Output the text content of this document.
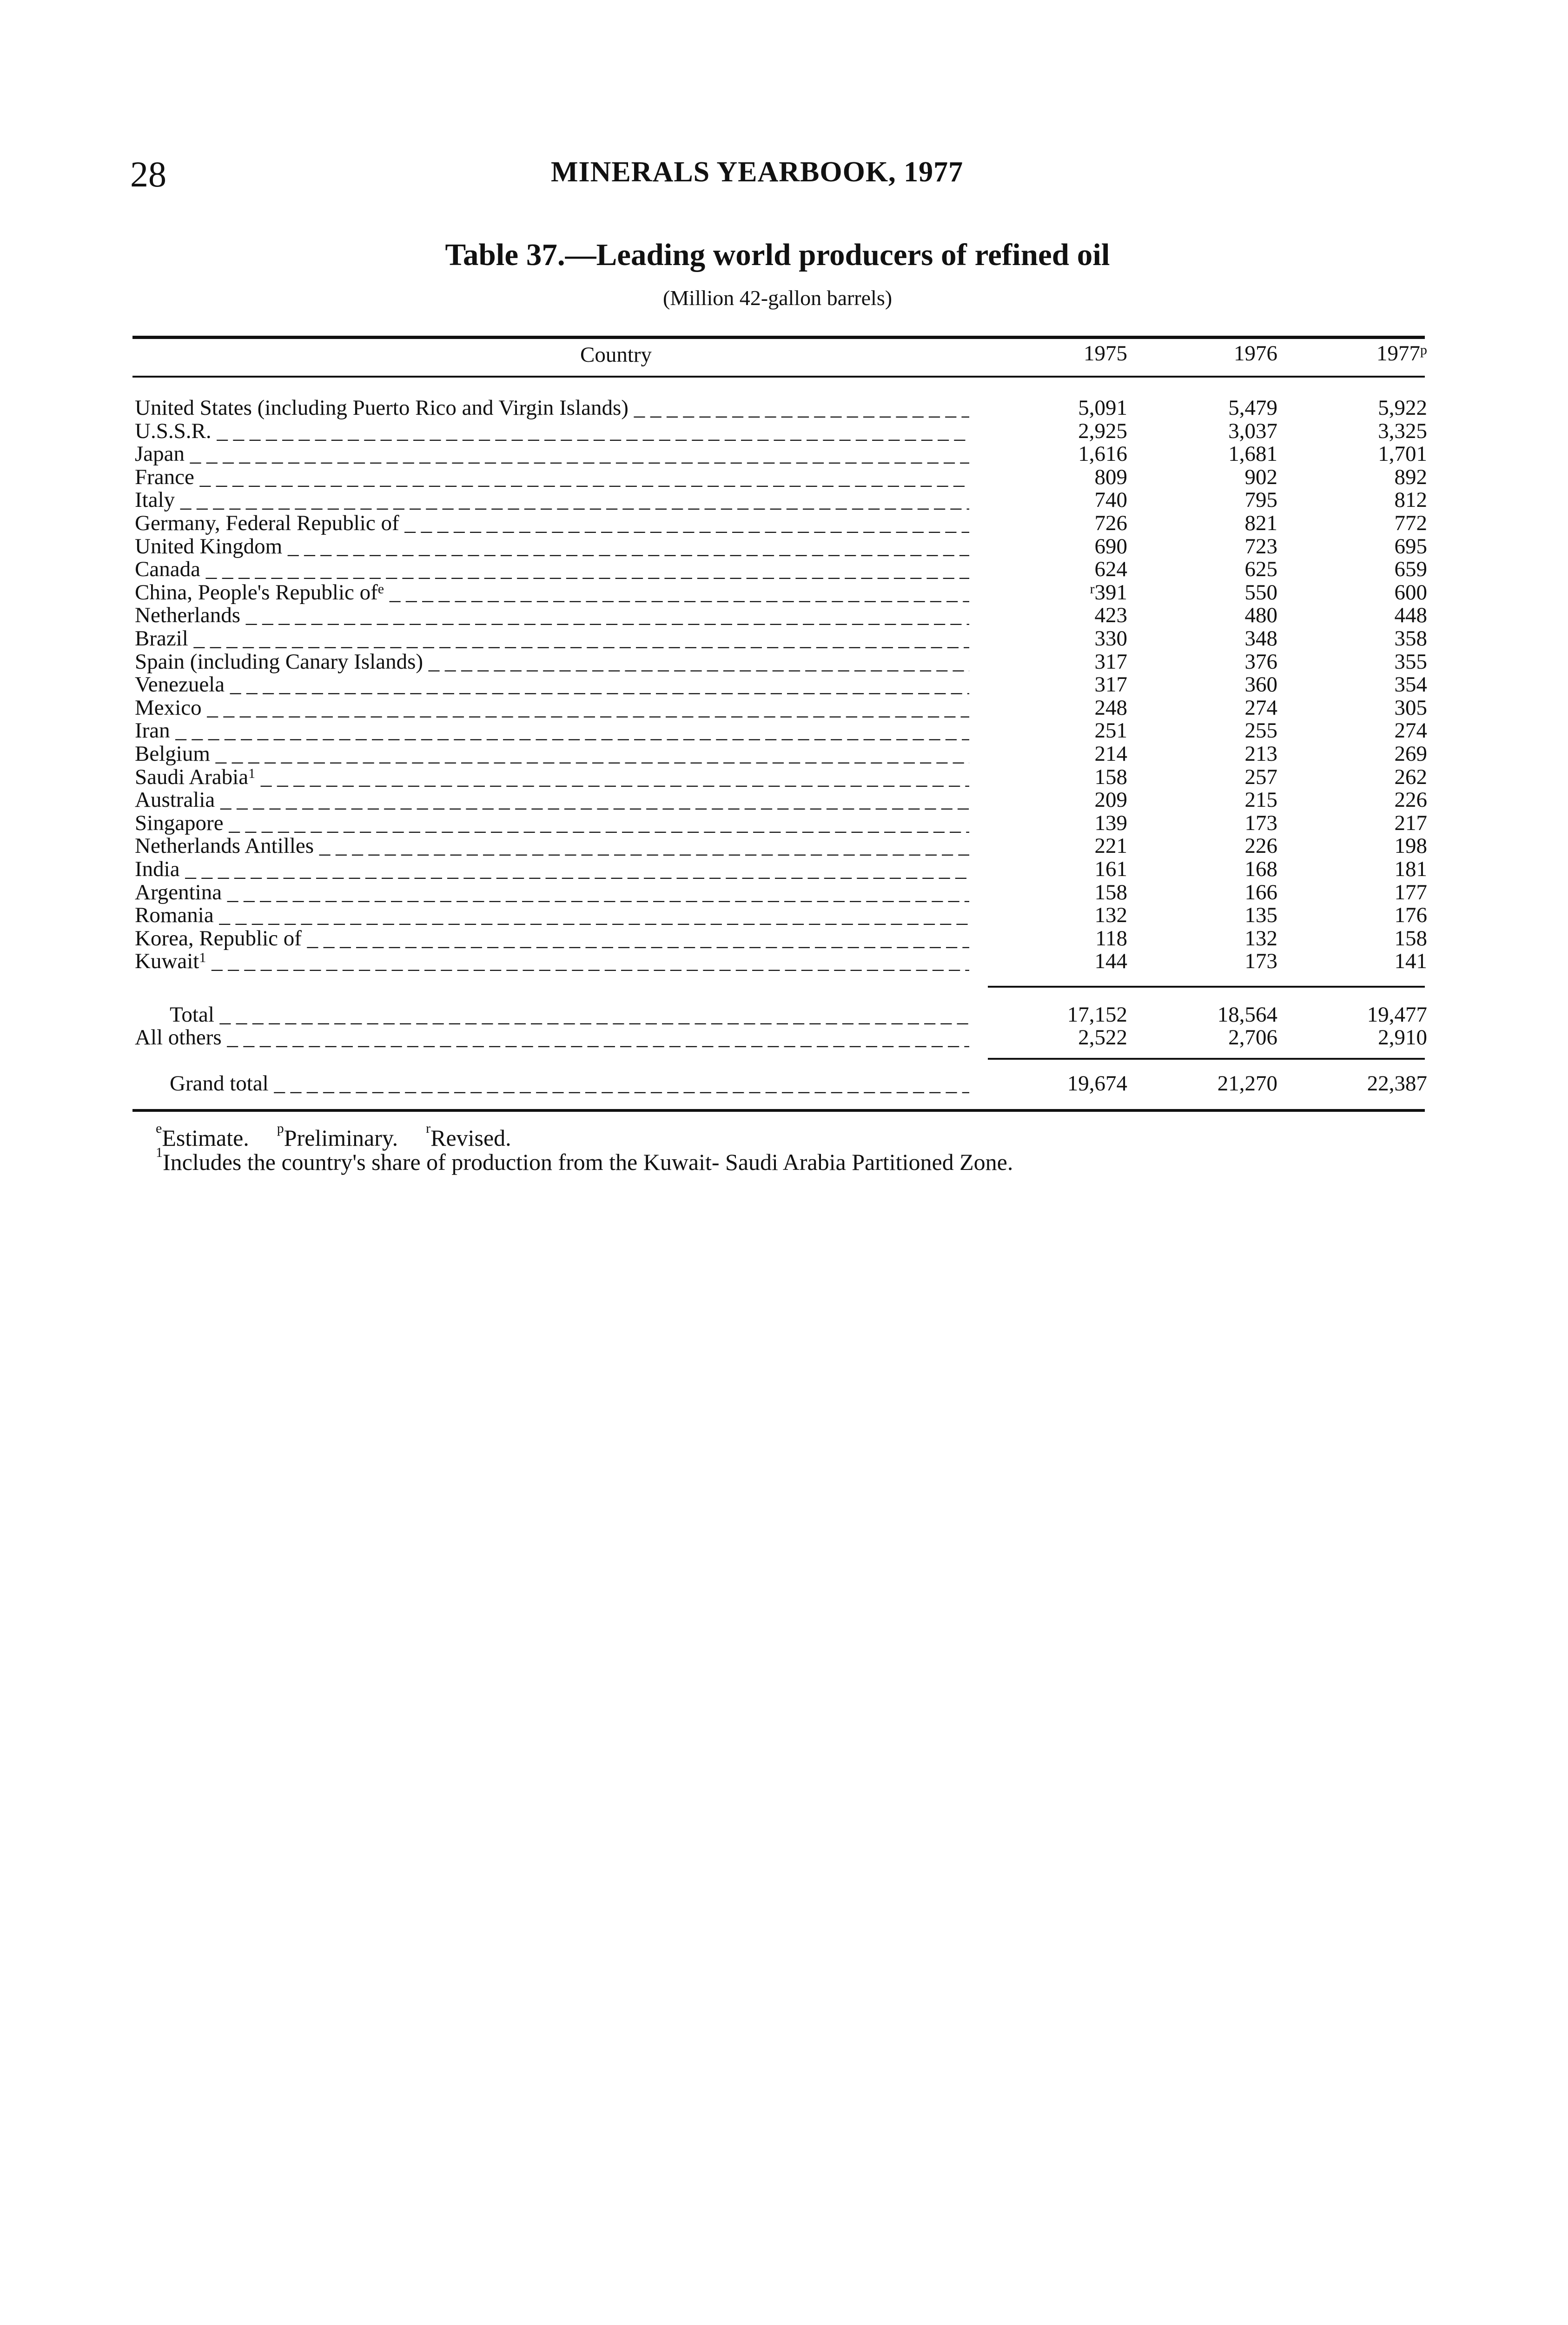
28	MINERALS YEARBOOK, 1977
Table 37.—Leading world producers of refined oil
(Million 42-gallon barrels)
Country	1975	1976	1977$^p$
United States (including Puerto Rico and Virgin Islands) _ _ _	5,091	5,479	5,922
U.S.S.R. _ _ _	2,925	3,037	3,325
Japan _ _ _	1,616	1,681	1,701
France _ _ _	809	902	892
Italy _ _ _	740	795	812
Germany, Federal Republic of _ _ _	726	821	772
United Kingdom _ _ _	690	723	695
Canada _ _ _	624	625	659
China, People's Republic $of^e$ _ _ _	$^r$391	550	600
Netherlands _ _ _	423	480	448
Brazil _ _ _	330	348	358
Spain (including Canary Islands) _ _ _	317	376	355
Venezuela _ _ _	317	360	354
Mexico _ _ _	248	274	305
Iran _ _ _	251	255	274
Belgium _ _ _	214	213	269
Saudi Arabia$^1$ _ _ _	158	257	262
Australia _ _ _	209	215	226
Singapore _ _ _	139	173	217
Netherlands Antilles _ _ _	221	226	198
India _ _ _	161	168	181
Argentina _ _ _	158	166	177
Romania _ _ _	132	135	176
Korea, Republic of _ _ _	118	132	158
Kuwait$^1$ _ _ _	144	173	141
Total _ _ _	17,152	18,564	19,477
All others _ _ _	2,522	2,706	2,910
Grand total _ _ _	19,674	21,270	22,387
$^e$Estimate. $^p$Preliminary. $^r$Revised.
$^1$Includes the country's share of production from the Kuwait- Saudi Arabia Partitioned Zone.
